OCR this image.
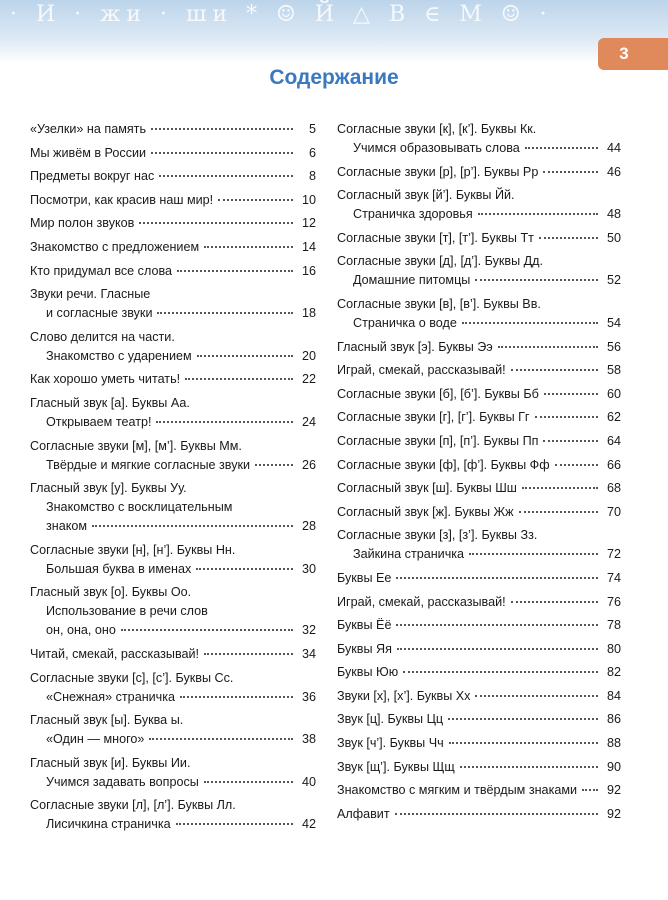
· И · жи · ши * ☺ Й △ В ∈ М ☺ ·
3
Содержание
«Узелки» на память	5
Мы живём в России	6
Предметы вокруг нас	8
Посмотри, как красив наш мир!	10
Мир полон звуков	12
Знакомство с предложением	14
Кто придумал все слова	16
Звуки речи. Гласные
и согласные звуки	18
Слово делится на части.
Знакомство с ударением	20
Как хорошо уметь читать!	22
Гласный звук [а]. Буквы Аа.
Открываем театр!	24
Согласные звуки [м], [м’]. Буквы Мм.
Твёрдые и мягкие согласные звуки	26
Гласный звук [у]. Буквы Уу.
Знакомство с восклицательным
знаком	28
Согласные звуки [н], [н’]. Буквы Нн.
Большая буква в именах	30
Гласный звук [о]. Буквы Оо.
Использование в речи слов
он, она, оно	32
Читай, смекай, рассказывай!	34
Согласные звуки [с], [с’]. Буквы Сс.
«Снежная» страничка	36
Гласный звук [ы]. Буква ы.
«Один — много»	38
Гласный звук [и]. Буквы Ии.
Учимся задавать вопросы	40
Согласные звуки [л], [л’]. Буквы Лл.
Лисичкина страничка	42
Согласные звуки [к], [к’]. Буквы Кк.
Учимся образовывать слова	44
Согласные звуки [р], [р’]. Буквы Рр	46
Согласный звук [й’]. Буквы Йй.
Страничка здоровья	48
Согласные звуки [т], [т’]. Буквы Тт	50
Согласные звуки [д], [д’]. Буквы Дд.
Домашние питомцы	52
Согласные звуки [в], [в’]. Буквы Вв.
Страничка о воде	54
Гласный звук [э]. Буквы Ээ	56
Играй, смекай, рассказывай!	58
Согласные звуки [б], [б’]. Буквы Бб	60
Согласные звуки [г], [г’]. Буквы Гг	62
Согласные звуки [п], [п’]. Буквы Пп	64
Согласные звуки [ф], [ф’]. Буквы Фф	66
Согласный звук [ш]. Буквы Шш	68
Согласный звук [ж]. Буквы Жж	70
Согласные звуки [з], [з’]. Буквы Зз.
Зайкина страничка	72
Буквы Ее	74
Играй, смекай, рассказывай!	76
Буквы Ёё	78
Буквы Яя	80
Буквы Юю	82
Звуки [х], [х’]. Буквы Хх	84
Звук [ц]. Буквы Цц	86
Звук [ч’]. Буквы Чч	88
Звук [щ’]. Буквы Щщ	90
Знакомство с мягким и твёрдым знаками	92
Алфавит	92
